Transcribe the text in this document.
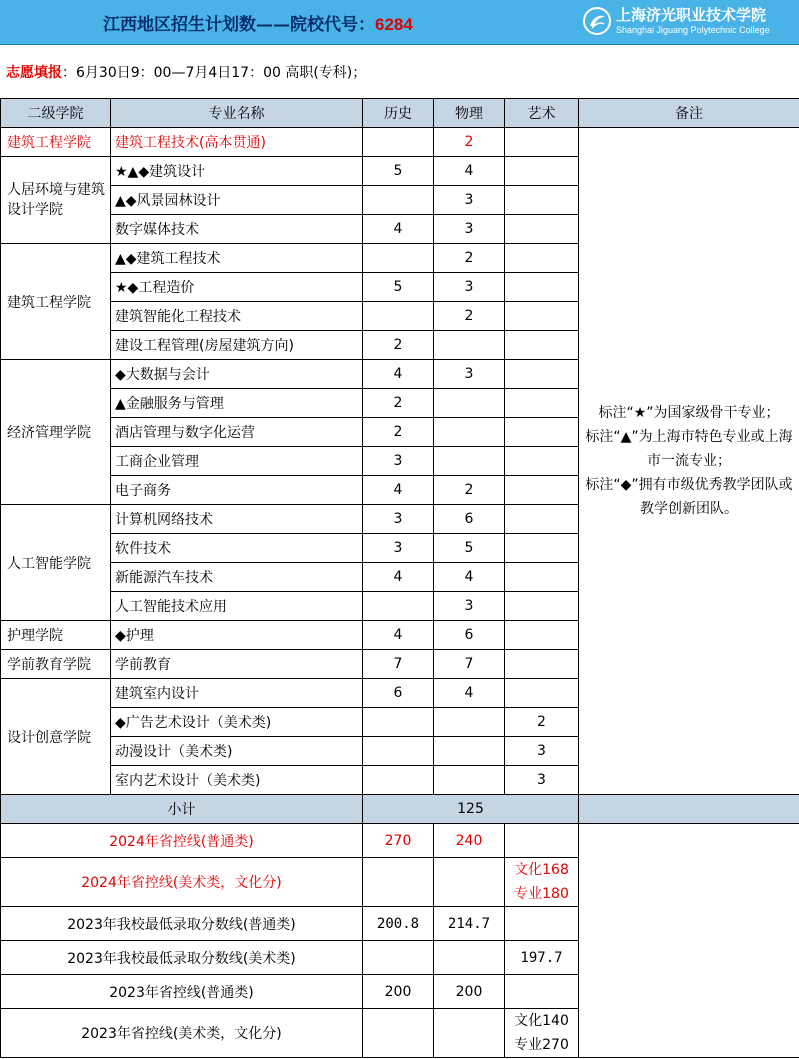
江西地区招生计划数——院校代号：6284	上海济光职业技术学院
Shanghai Jiguang Polytechnic College
志愿填报：6月30日9：00—7月4日17：00 高职(专科)；
二级学院	专业名称	历史	物理	艺术	备注
建筑工程学院	建筑工程技术(高本贯通)		2		标注“★”为国家级骨干专业；
标注“▲”为上海市特色专业或上海市一流专业；
标注“◆”拥有市级优秀教学团队或教学创新团队。

人居环境与建筑设计学院	★▲◆建筑设计	5	4		
	▲◆风景园林设计		3		
	数字媒体技术	4	3		
建筑工程学院	▲◆建筑工程技术		2		
	★◆工程造价	5	3		
	建筑智能化工程技术		2		
	建设工程管理(房屋建筑方向)	2			
经济管理学院	◆大数据与会计	4	3		
	▲金融服务与管理	2			
	酒店管理与数字化运营	2			
	工商企业管理	3			
	电子商务	4	2		
人工智能学院	计算机网络技术	3	6		
	软件技术	3	5		
	新能源汽车技术	4	4		
	人工智能技术应用		3		
护理学院	◆护理	4	6		
学前教育学院	学前教育	7	7		
设计创意学院	建筑室内设计	6	4		
	◆广告艺术设计（美术类)			2	
	动漫设计（美术类)			3	
	室内艺术设计（美术类)			3	
小计		125			
2024年省控线(普通类)		270	240		
2024年省控线(美术类，文化分)				文化168
专业180	

2023年我校最低录取分数线(普通类)		200.8	214.7		
2023年我校最低录取分数线(美术类)				197.7	
2023年省控线(普通类)		200	200		
2023年省控线(美术类，文化分)				文化140
专业270	
